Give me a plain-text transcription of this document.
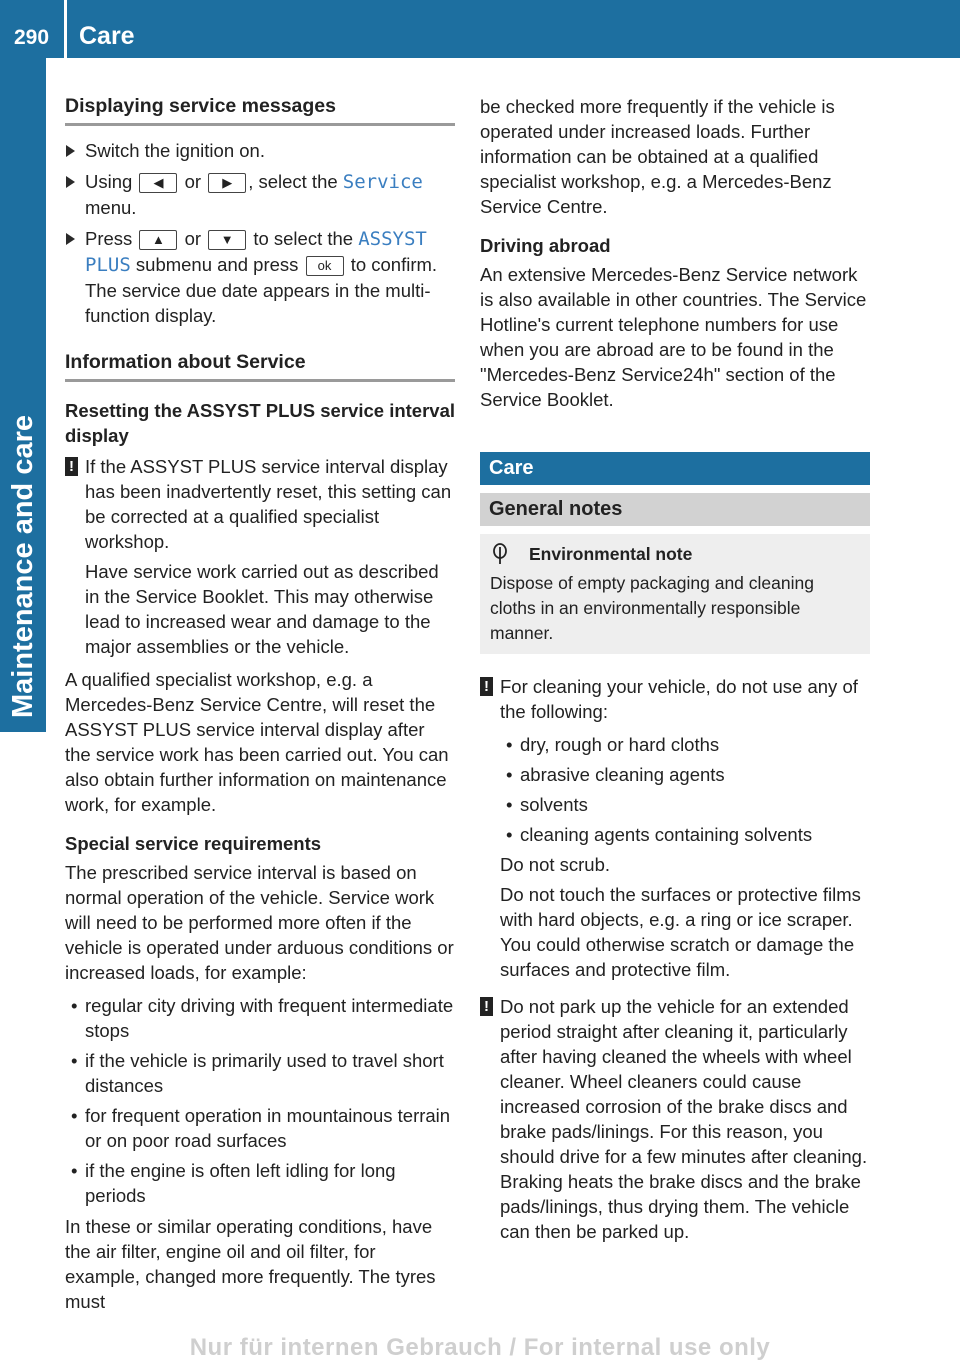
290 Care
Maintenance and care
Displaying service messages
Switch the ignition on.
Using ◀ or ▶ , select the Service menu.
Press ▲ or ▼ to select the ASSYST PLUS submenu and press ok to confirm. The service due date appears in the multi-function display.
Information about Service

Resetting the ASSYST PLUS service interval display

! If the ASSYST PLUS service interval display has been inadvertently reset, this setting can be corrected at a qualified specialist workshop.
Have service work carried out as described in the Service Booklet. This may otherwise lead to increased wear and damage to the major assemblies or the vehicle.

A qualified specialist workshop, e.g. a Mercedes-Benz Service Centre, will reset the ASSYST PLUS service interval display after the service work has been carried out. You can also obtain further information on maintenance work, for example.

Special service requirements

The prescribed service interval is based on normal operation of the vehicle. Service work will need to be performed more often if the vehicle is operated under arduous conditions or increased loads, for example:

• regular city driving with frequent intermediate stops
• if the vehicle is primarily used to travel short distances
• for frequent operation in mountainous terrain or on poor road surfaces
• if the engine is often left idling for long periods

In these or similar operating conditions, have the air filter, engine oil and oil filter, for example, changed more frequently. The tyres must

be checked more frequently if the vehicle is operated under increased loads. Further information can be obtained at a qualified specialist workshop, e.g. a Mercedes-Benz Service Centre.

Driving abroad

An extensive Mercedes-Benz Service network is also available in other countries. The Service Hotline's current telephone numbers for use when you are abroad are to be found in the "Mercedes-Benz Service24h" section of the Service Booklet.

Care
General notes
Environmental note

Dispose of empty packaging and cleaning cloths in an environmentally responsible manner.

! For cleaning your vehicle, do not use any of the following:
• dry, rough or hard cloths
• abrasive cleaning agents
• solvents
• cleaning agents containing solvents
Do not scrub.
Do not touch the surfaces or protective films with hard objects, e.g. a ring or ice scraper. You could otherwise scratch or damage the surfaces and protective film.
! Do not park up the vehicle for an extended period straight after cleaning it, particularly after having cleaned the wheels with wheel cleaner. Wheel cleaners could cause increased corrosion of the brake discs and brake pads/linings. For this reason, you should drive for a few minutes after cleaning. Braking heats the brake discs and the brake pads/linings, thus drying them. The vehicle can then be parked up.
Nur für internen Gebrauch / For internal use only
